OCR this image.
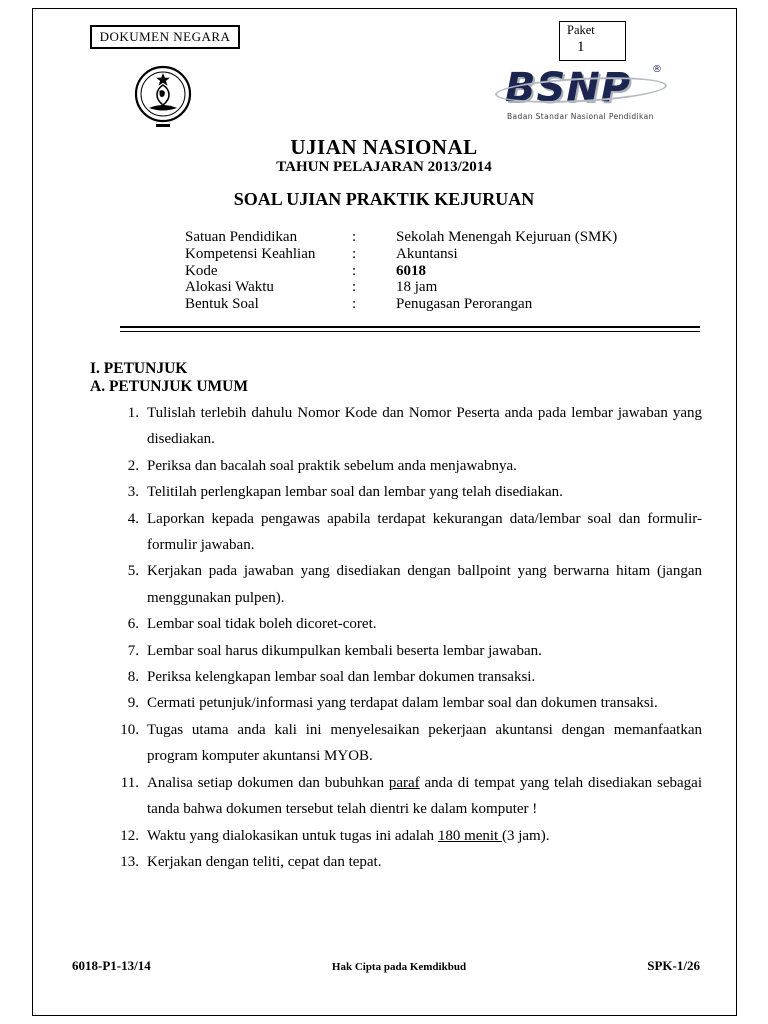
DOKUMEN NEGARA	Paket
1
BSNP ®
Badan Standar Nasional Pendidikan
UJIAN NASIONAL
TAHUN PELAJARAN 2013/2014
SOAL UJIAN PRAKTIK KEJURUAN
Satuan Pendidikan	:	Sekolah Menengah Kejuruan (SMK)
Kompetensi Keahlian	:	Akuntansi
Kode	:	6018
Alokasi Waktu	:	18 jam
Bentuk Soal	:	Penugasan Perorangan
I. PETUNJUK
A. PETUNJUK UMUM
1. Tulislah terlebih dahulu Nomor Kode dan Nomor Peserta anda pada lembar jawaban yang disediakan.
2. Periksa dan bacalah soal praktik sebelum anda menjawabnya.
3. Telitilah perlengkapan lembar soal dan lembar yang telah disediakan.
4. Laporkan kepada pengawas apabila terdapat kekurangan data/lembar soal dan formulir-formulir jawaban.
5. Kerjakan pada jawaban yang disediakan dengan ballpoint yang berwarna hitam (jangan menggunakan pulpen).
6. Lembar soal tidak boleh dicoret-coret.
7. Lembar soal harus dikumpulkan kembali beserta lembar jawaban.
8. Periksa kelengkapan lembar soal dan lembar dokumen transaksi.
9. Cermati petunjuk/informasi yang terdapat dalam lembar soal dan dokumen transaksi.
10. Tugas utama anda kali ini menyelesaikan pekerjaan akuntansi dengan memanfaatkan program komputer akuntansi MYOB.
11. Analisa setiap dokumen dan bubuhkan paraf anda di tempat yang telah disediakan sebagai tanda bahwa dokumen tersebut telah dientri ke dalam komputer !
12. Waktu yang dialokasikan untuk tugas ini adalah 180 menit (3 jam).
13. Kerjakan dengan teliti, cepat dan tepat.
6018-P1-13/14	Hak Cipta pada Kemdikbud	SPK-1/26
